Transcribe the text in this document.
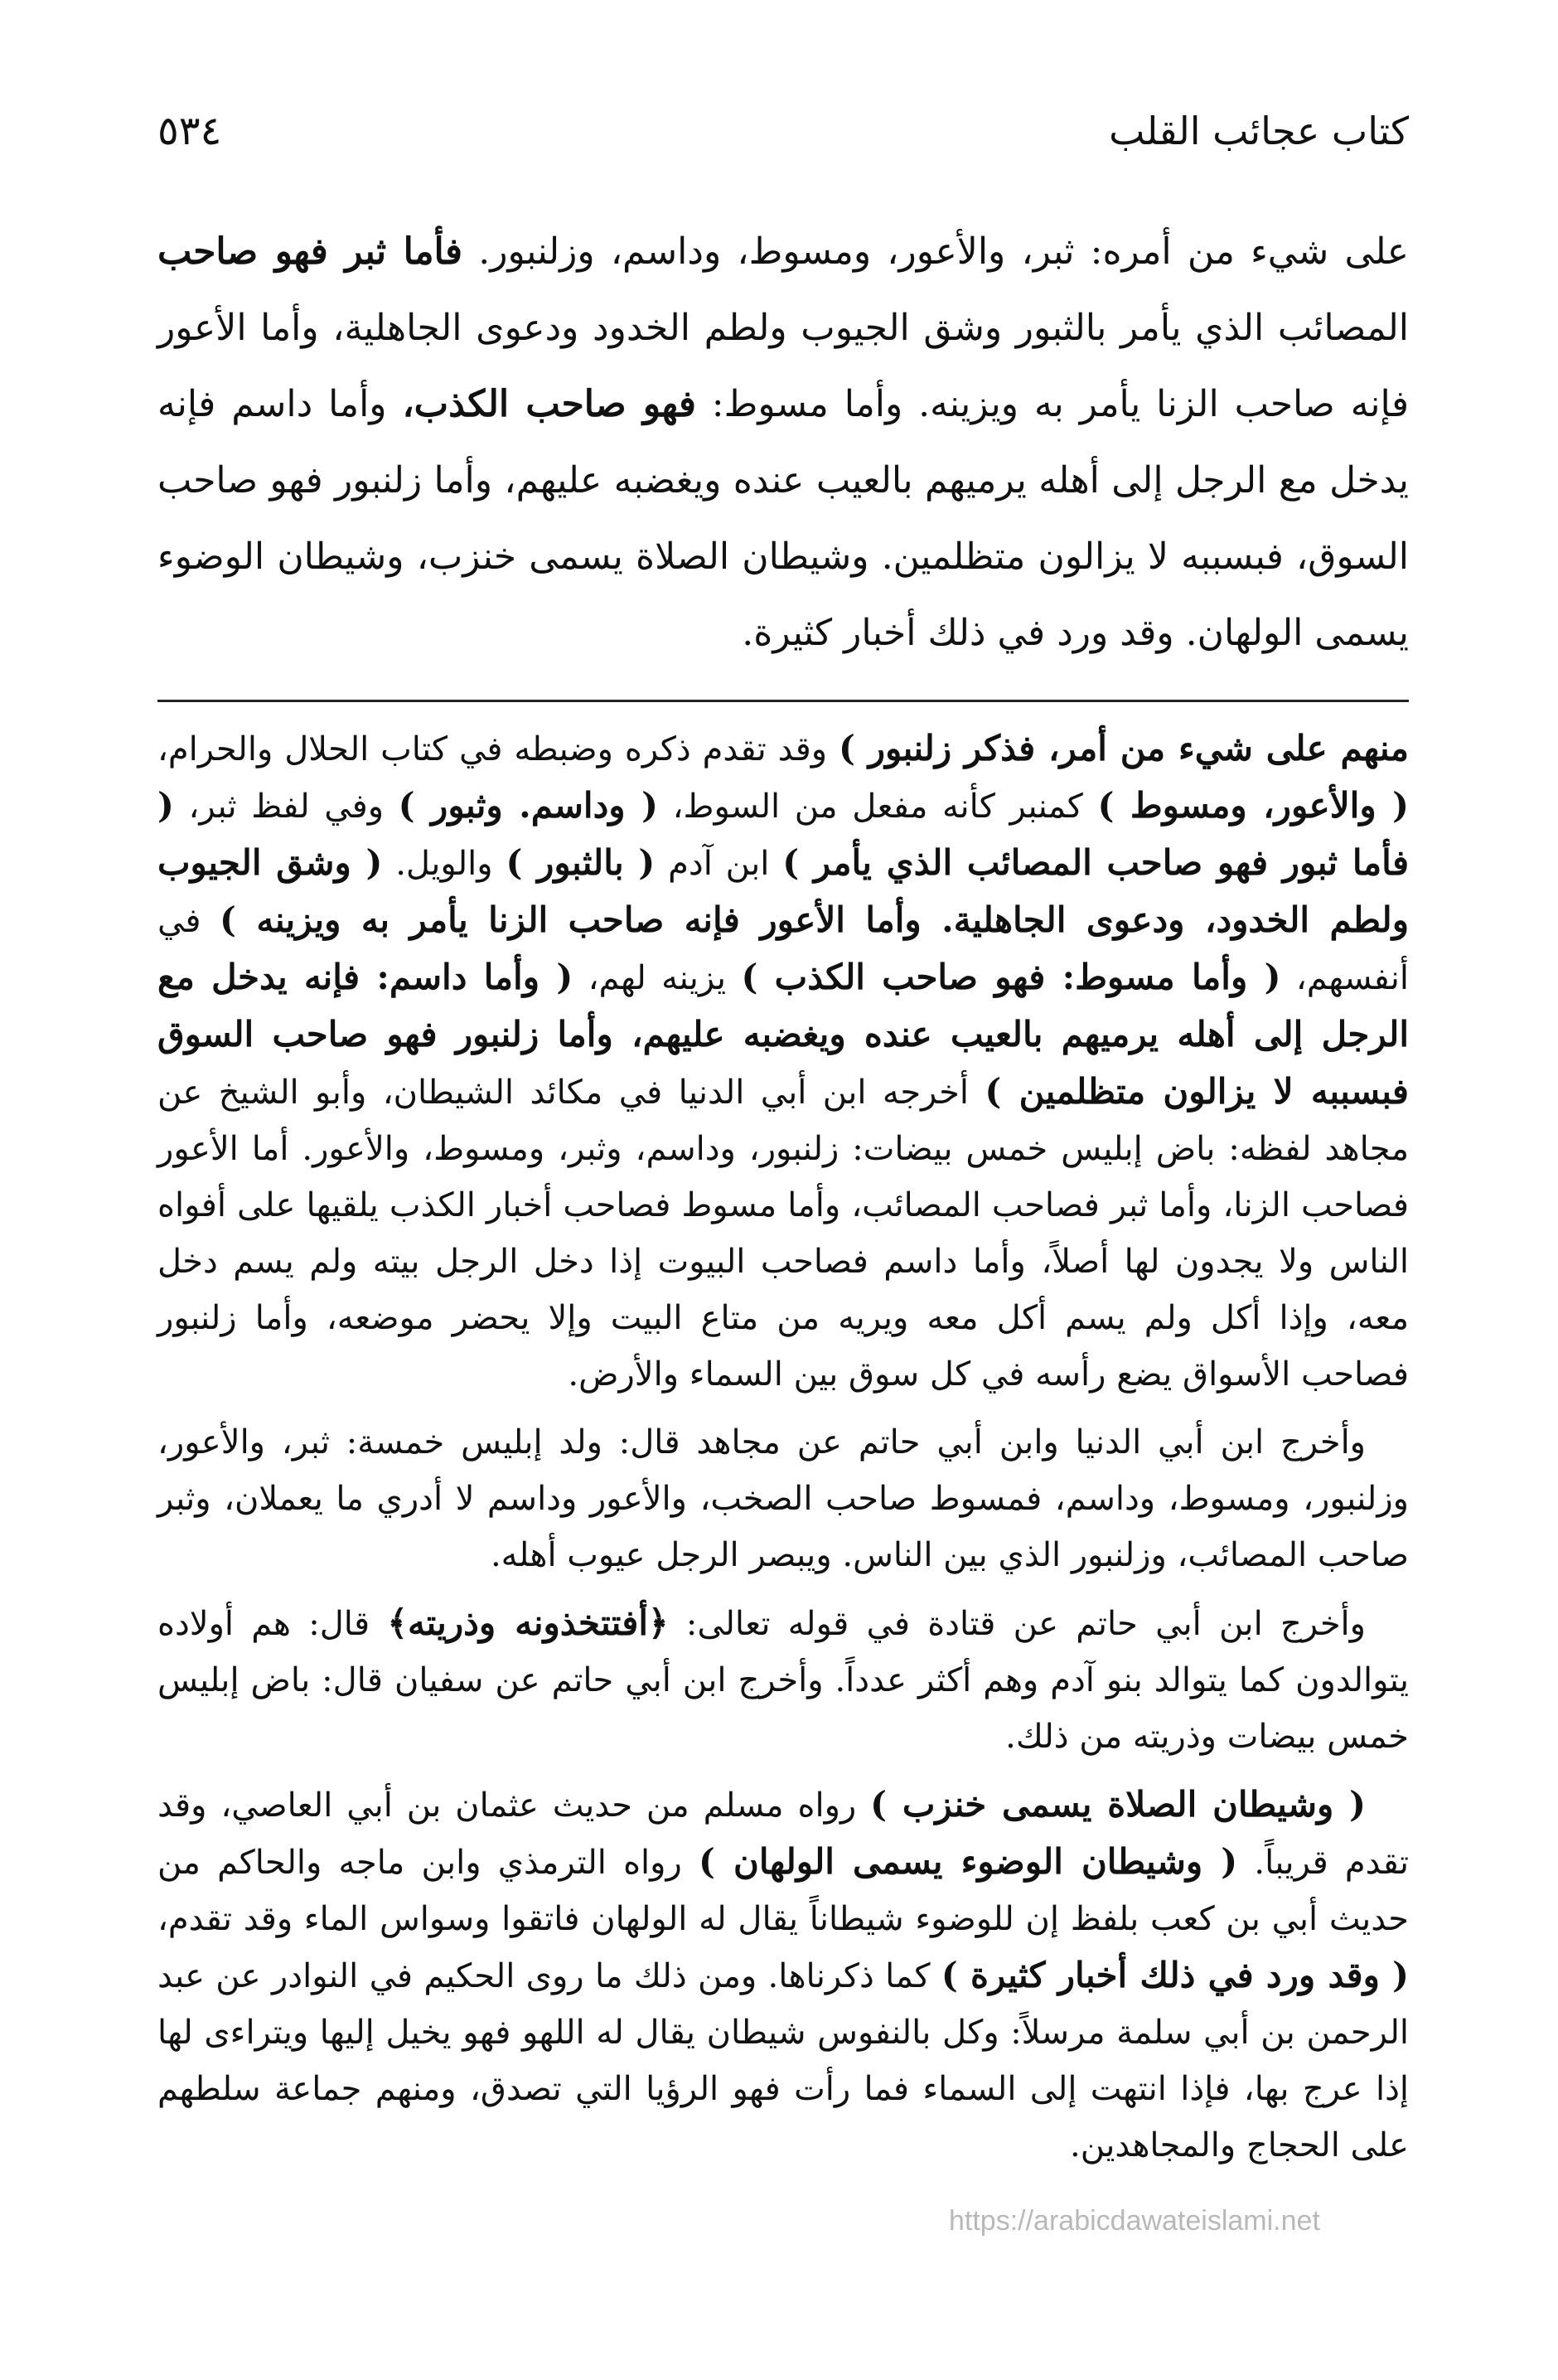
كتاب عجائب القلب
٥٣٤
على شيء من أمره: ثبر، والأعور، ومسوط، وداسم، وزلنبور. فأما ثبر فهو صاحب المصائب الذي يأمر بالثبور وشق الجيوب ولطم الخدود ودعوى الجاهلية، وأما الأعور فإنه صاحب الزنا يأمر به ويزينه. وأما مسوط: فهو صاحب الكذب، وأما داسم فإنه يدخل مع الرجل إلى أهله يرميهم بالعيب عنده ويغضبه عليهم، وأما زلنبور فهو صاحب السوق، فبسببه لا يزالون متظلمين. وشيطان الصلاة يسمى خنزب، وشيطان الوضوء يسمى الولهان. وقد ورد في ذلك أخبار كثيرة.

منهم على شيء من أمر، فذكر زلنبور ) وقد تقدم ذكره وضبطه في كتاب الحلال والحرام، ( والأعور، ومسوط ) كمنبر كأنه مفعل من السوط، ( وداسم. وثبور ) وفي لفظ ثبر، ( فأما ثبور فهو صاحب المصائب الذي يأمر ) ابن آدم ( بالثبور ) والويل. ( وشق الجيوب ولطم الخدود، ودعوى الجاهلية. وأما الأعور فإنه صاحب الزنا يأمر به ويزينه ) في أنفسهم، ( وأما مسوط: فهو صاحب الكذب ) يزينه لهم، ( وأما داسم: فإنه يدخل مع الرجل إلى أهله يرميهم بالعيب عنده ويغضبه عليهم، وأما زلنبور فهو صاحب السوق فبسببه لا يزالون متظلمين ) أخرجه ابن أبي الدنيا في مكائد الشيطان، وأبو الشيخ عن مجاهد لفظه: باض إبليس خمس بيضات: زلنبور، وداسم، وثبر، ومسوط، والأعور. أما الأعور فصاحب الزنا، وأما ثبر فصاحب المصائب، وأما مسوط فصاحب أخبار الكذب يلقيها على أفواه الناس ولا يجدون لها أصلاً، وأما داسم فصاحب البيوت إذا دخل الرجل بيته ولم يسم دخل معه، وإذا أكل ولم يسم أكل معه ويريه من متاع البيت وإلا يحضر موضعه، وأما زلنبور فصاحب الأسواق يضع رأسه في كل سوق بين السماء والأرض.

وأخرج ابن أبي الدنيا وابن أبي حاتم عن مجاهد قال: ولد إبليس خمسة: ثبر، والأعور، وزلنبور، ومسوط، وداسم، فمسوط صاحب الصخب، والأعور وداسم لا أدري ما يعملان، وثبر صاحب المصائب، وزلنبور الذي بين الناس. ويبصر الرجل عيوب أهله.

وأخرج ابن أبي حاتم عن قتادة في قوله تعالى: ﴿أفتتخذونه وذريته﴾ قال: هم أولاده يتوالدون كما يتوالد بنو آدم وهم أكثر عدداً. وأخرج ابن أبي حاتم عن سفيان قال: باض إبليس خمس بيضات وذريته من ذلك.

( وشيطان الصلاة يسمى خنزب ) رواه مسلم من حديث عثمان بن أبي العاصي، وقد تقدم قريباً. ( وشيطان الوضوء يسمى الولهان ) رواه الترمذي وابن ماجه والحاكم من حديث أبي بن كعب بلفظ إن للوضوء شيطاناً يقال له الولهان فاتقوا وسواس الماء وقد تقدم، ( وقد ورد في ذلك أخبار كثيرة ) كما ذكرناها. ومن ذلك ما روى الحكيم في النوادر عن عبد الرحمن بن أبي سلمة مرسلاً: وكل بالنفوس شيطان يقال له اللهو فهو يخيل إليها ويتراءى لها إذا عرج بها، فإذا انتهت إلى السماء فما رأت فهو الرؤيا التي تصدق، ومنهم جماعة سلطهم على الحجاج والمجاهدين.

https://arabicdawateislami.net
